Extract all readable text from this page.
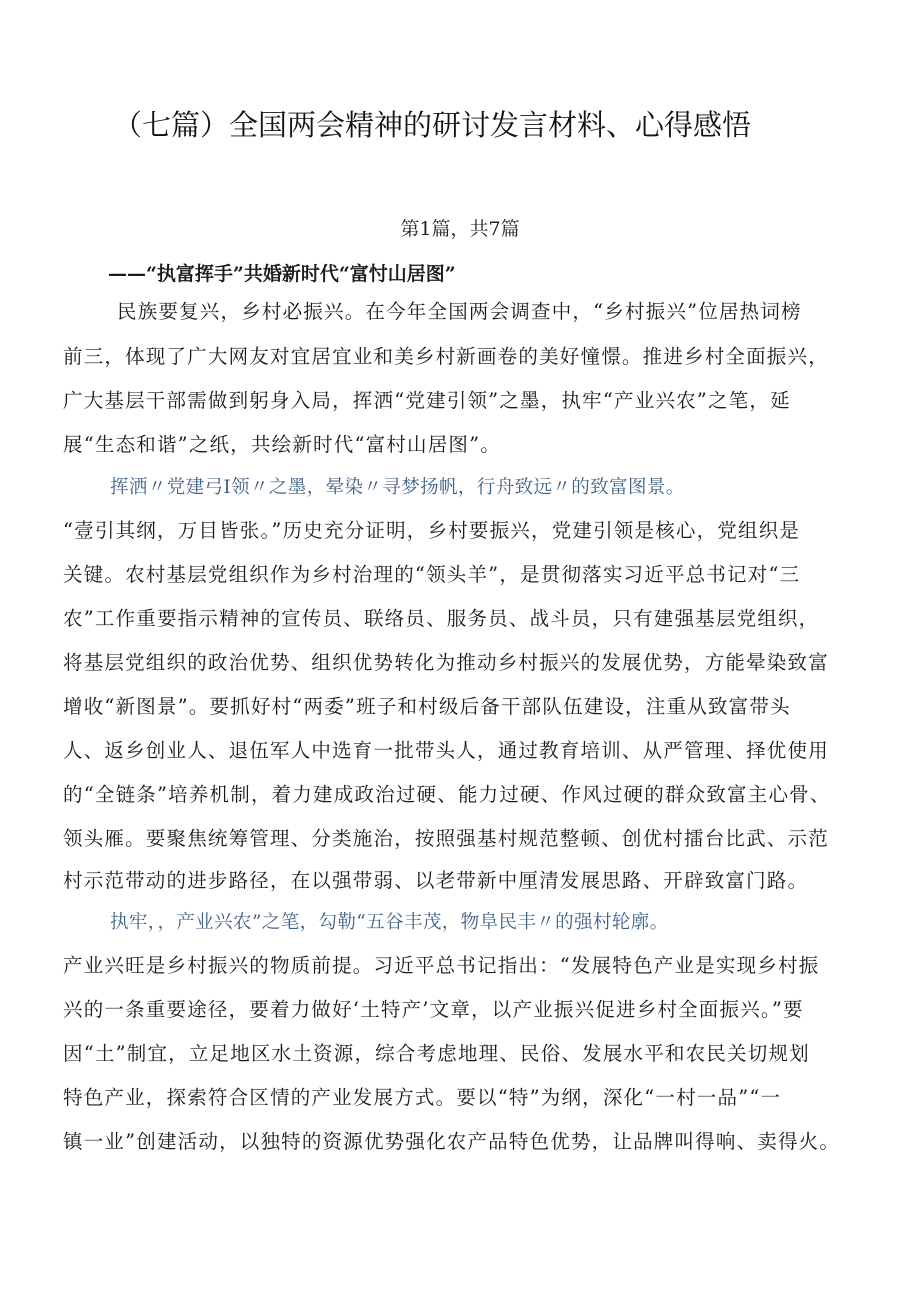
（七篇）全国两会精神的研讨发言材料、心得感悟
第1篇，共7篇
——“执富挥手”共婚新时代“富忖山居图”
民族要复兴，乡村必振兴。在今年全国两会调查中，“乡村振兴”位居热词榜
前三，体现了广大网友对宜居宜业和美乡村新画卷的美好憧憬。推进乡村全面振兴，
广大基层干部需做到躬身入局，挥洒“党建引领”之墨，执牢“产业兴农”之笔，延
展“生态和谐”之纸，共绘新时代“富村山居图”。
挥洒〃党建弓I领〃之墨，晕染〃寻梦扬帆，行舟致远〃的致富图景。
“壹引其纲，万目皆张。”历史充分证明，乡村要振兴，党建引领是核心，党组织是
关键。农村基层党组织作为乡村治理的“领头羊”，是贯彻落实习近平总书记对“三
农”工作重要指示精神的宣传员、联络员、服务员、战斗员，只有建强基层党组织，
将基层党组织的政治优势、组织优势转化为推动乡村振兴的发展优势，方能晕染致富
增收“新图景”。要抓好村“两委”班子和村级后备干部队伍建设，注重从致富带头
人、返乡创业人、退伍军人中选育一批带头人，通过教育培训、从严管理、择优使用
的“全链条”培养机制，着力建成政治过硬、能力过硬、作风过硬的群众致富主心骨、
领头雁。要聚焦统筹管理、分类施治，按照强基村规范整顿、创优村擂台比武、示范
村示范带动的进步路径，在以强带弱、以老带新中厘清发展思路、开辟致富门路。
执牢，，产业兴农”之笔，勾勒“五谷丰茂，物阜民丰〃的强村轮廓。
产业兴旺是乡村振兴的物质前提。习近平总书记指出：“发展特色产业是实现乡村振
兴的一条重要途径，要着力做好‘土特产’文章，以产业振兴促进乡村全面振兴。”要
因“土”制宜，立足地区水土资源，综合考虑地理、民俗、发展水平和农民关切规划
特色产业，探索符合区情的产业发展方式。要以“特”为纲，深化“一村一品”“一
镇一业”创建活动，以独特的资源优势强化农产品特色优势，让品牌叫得响、卖得火。
